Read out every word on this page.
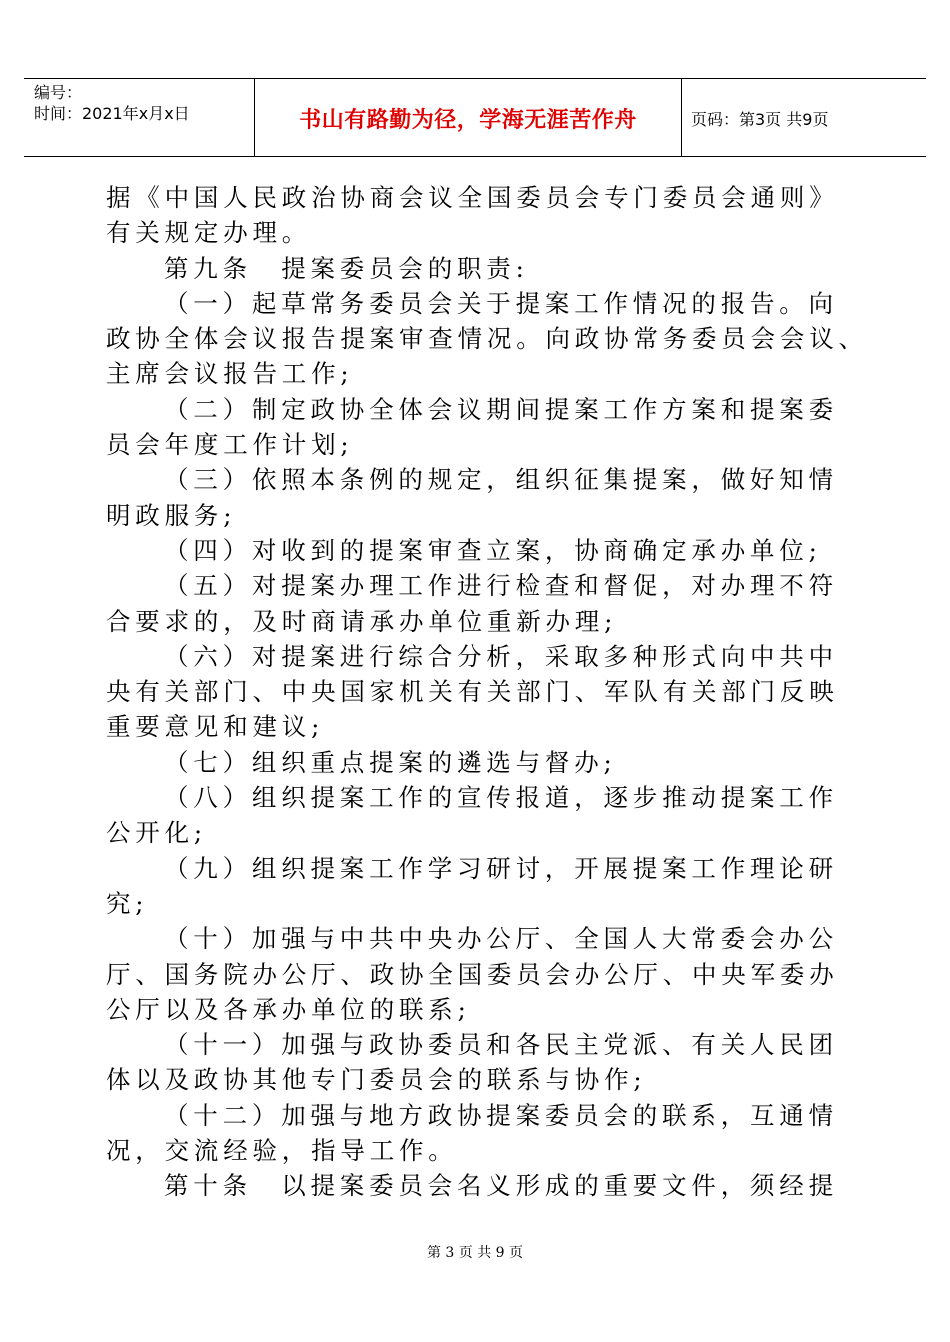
编号：
时间：2021年x月x日	书山有路勤为径，学海无涯苦作舟	页码：第3页 共9页
据《中国人民政治协商会议全国委员会专门委员会通则》
有关规定办理。
第九条　提案委员会的职责:
（一）起草常务委员会关于提案工作情况的报告。向
政协全体会议报告提案审查情况。向政协常务委员会会议、
主席会议报告工作;
（二）制定政协全体会议期间提案工作方案和提案委
员会年度工作计划;
（三）依照本条例的规定，组织征集提案，做好知情
明政服务;
（四）对收到的提案审查立案，协商确定承办单位;
（五）对提案办理工作进行检查和督促，对办理不符
合要求的，及时商请承办单位重新办理;
（六）对提案进行综合分析，采取多种形式向中共中
央有关部门、中央国家机关有关部门、军队有关部门反映
重要意见和建议;
（七）组织重点提案的遴选与督办;
（八）组织提案工作的宣传报道，逐步推动提案工作
公开化;
（九）组织提案工作学习研讨，开展提案工作理论研
究;
（十）加强与中共中央办公厅、全国人大常委会办公
厅、国务院办公厅、政协全国委员会办公厅、中央军委办
公厅以及各承办单位的联系;
（十一）加强与政协委员和各民主党派、有关人民团
体以及政协其他专门委员会的联系与协作;
（十二）加强与地方政协提案委员会的联系，互通情
况，交流经验，指导工作。
第十条　以提案委员会名义形成的重要文件，须经提
第 3 页 共 9 页
